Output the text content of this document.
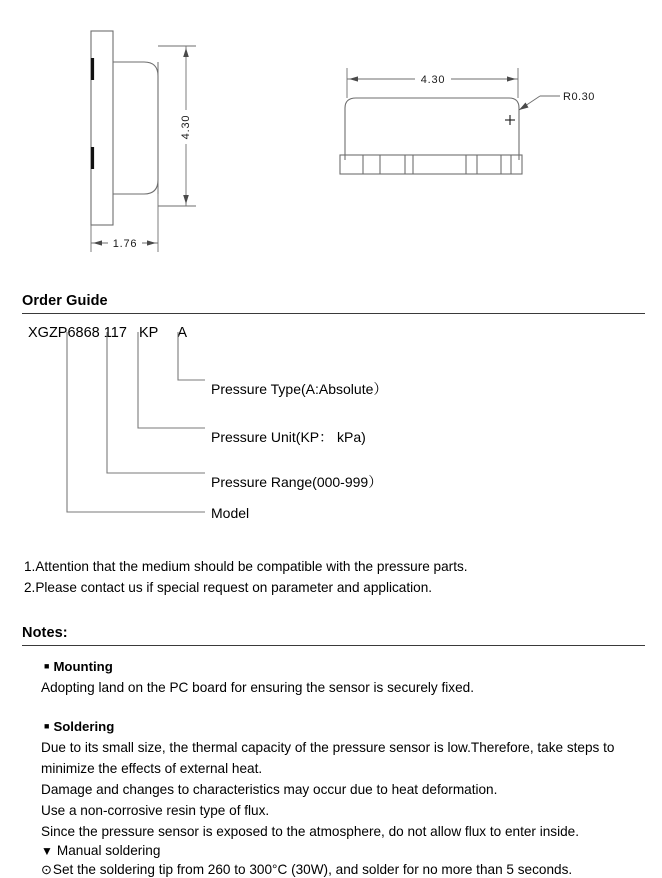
4.30
1.76
4.30
R0.30
Order Guide
XGZP6868 117   KP     A
Pressure Type(A:Absolute）
Pressure Unit(KP： kPa)
Pressure Range(000-999）
Model
1.Attention that the medium should be compatible with the pressure parts.
2.Please contact us if special request on parameter and application.
Notes:
■ Mounting
Adopting land on the PC board for ensuring the sensor is securely fixed.
■ Soldering
Due to its small size, the thermal capacity of the pressure sensor is low.Therefore, take steps to
minimize the effects of external heat.
Damage and changes to characteristics may occur due to heat deformation.
Use a non-corrosive resin type of flux.
Since the pressure sensor is exposed to the atmosphere, do not allow flux to enter inside.
▼ Manual soldering
⊙Set the soldering tip from 260 to 300°C (30W), and solder for no more than 5 seconds.
